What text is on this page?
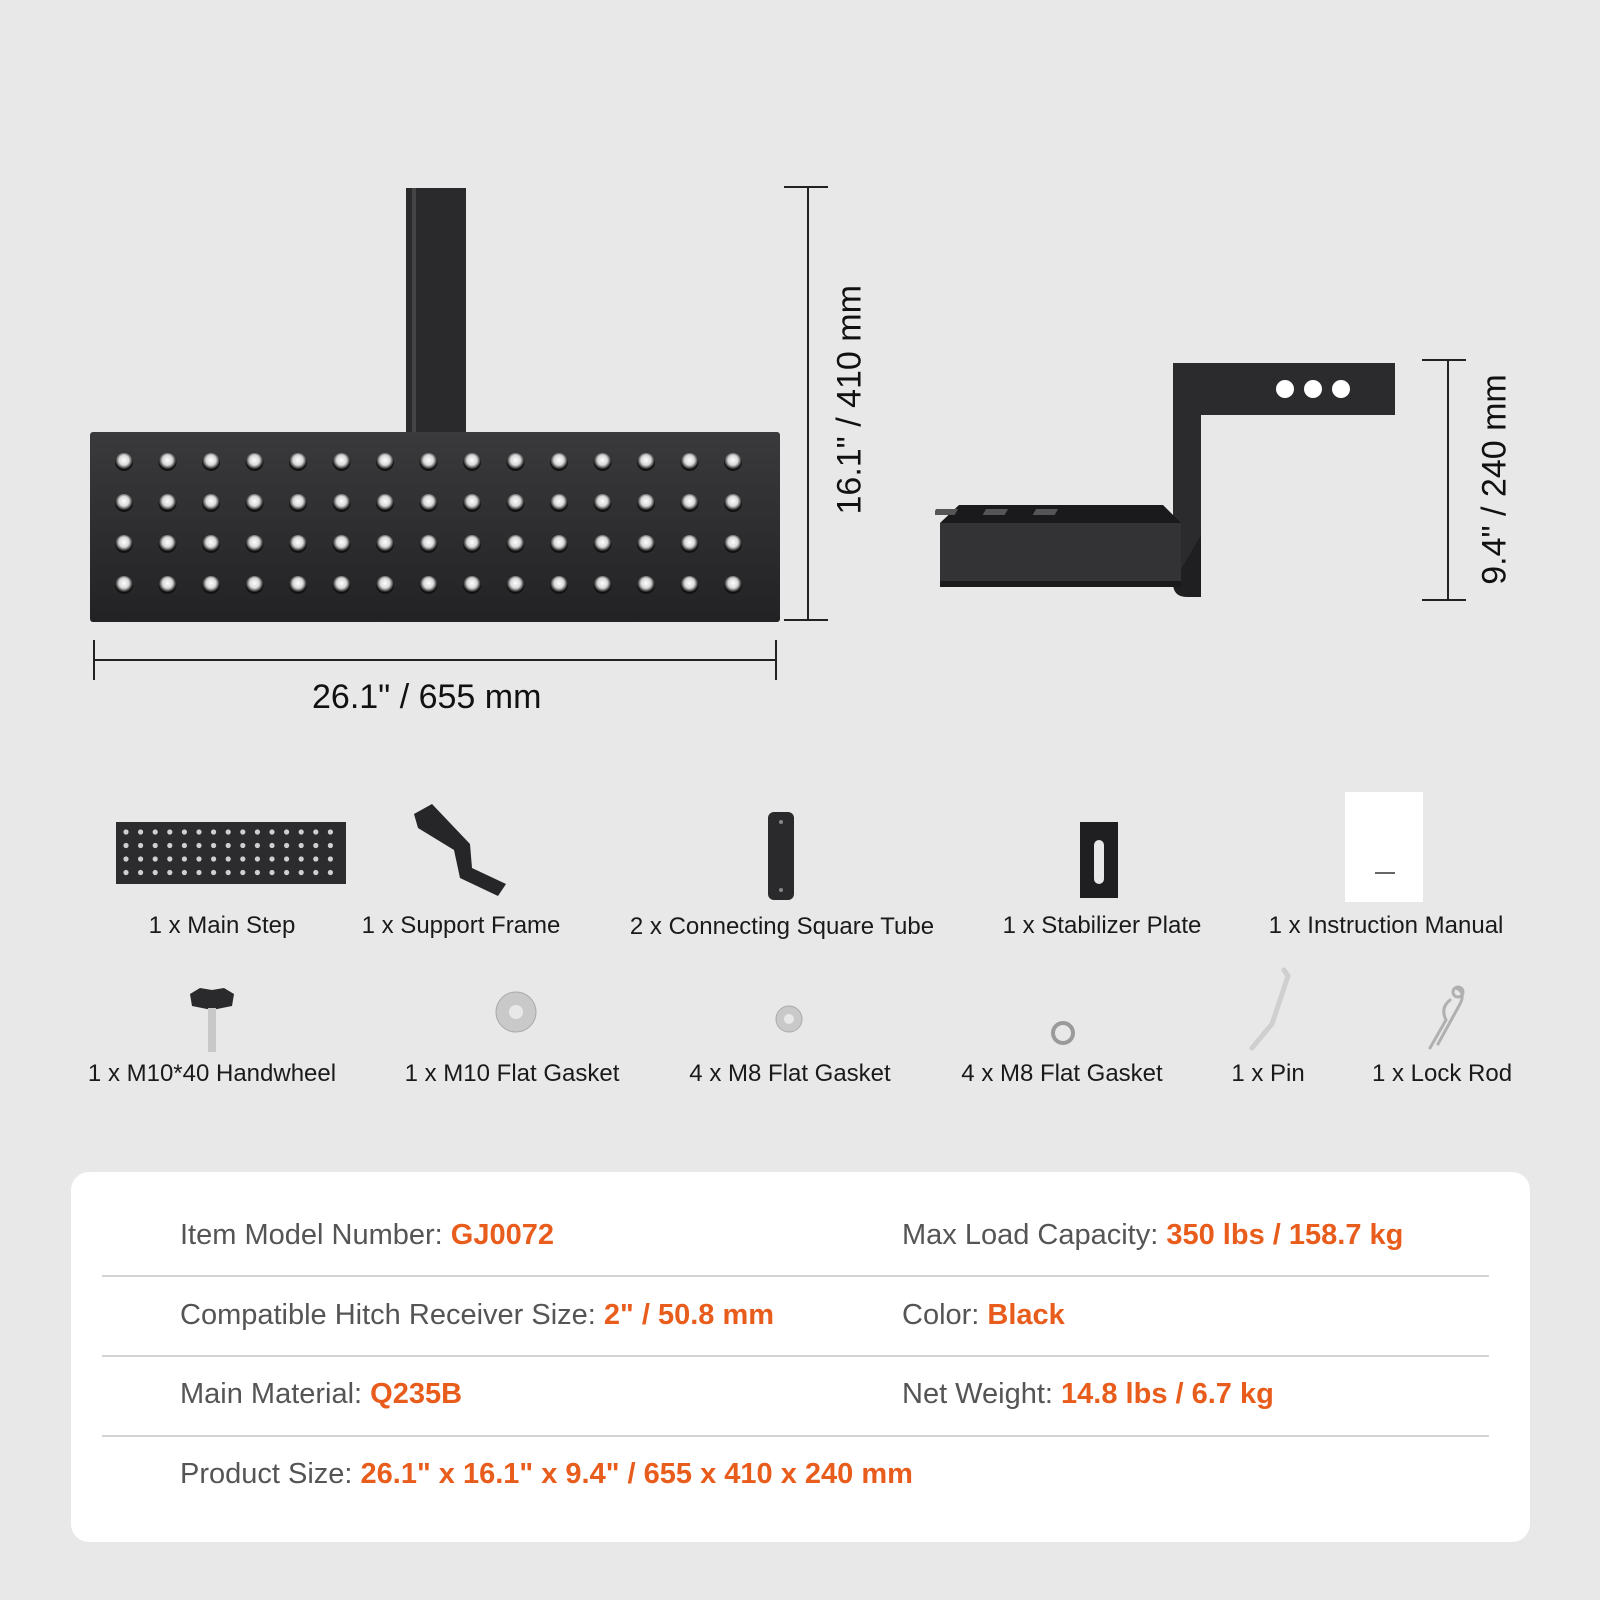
26.1" / 655 mm
16.1" / 410 mm	9.4" / 240 mm
1 x Main Step	1 x Support Frame	2 x Connecting Square Tube	1 x Stabilizer Plate	1 x Instruction Manual
1 x M10*40 Handwheel	1 x M10 Flat Gasket	4 x M8 Flat Gasket	4 x M8 Flat Gasket	1 x Pin	1 x Lock Rod
Item Model Number: GJ0072	Max Load Capacity: 350 lbs / 158.7 kg
Compatible Hitch Receiver Size: 2" / 50.8 mm	Color: Black
Main Material: Q235B	Net Weight: 14.8 lbs / 6.7 kg
Product Size: 26.1" x 16.1" x 9.4" / 655 x 410 x 240 mm
